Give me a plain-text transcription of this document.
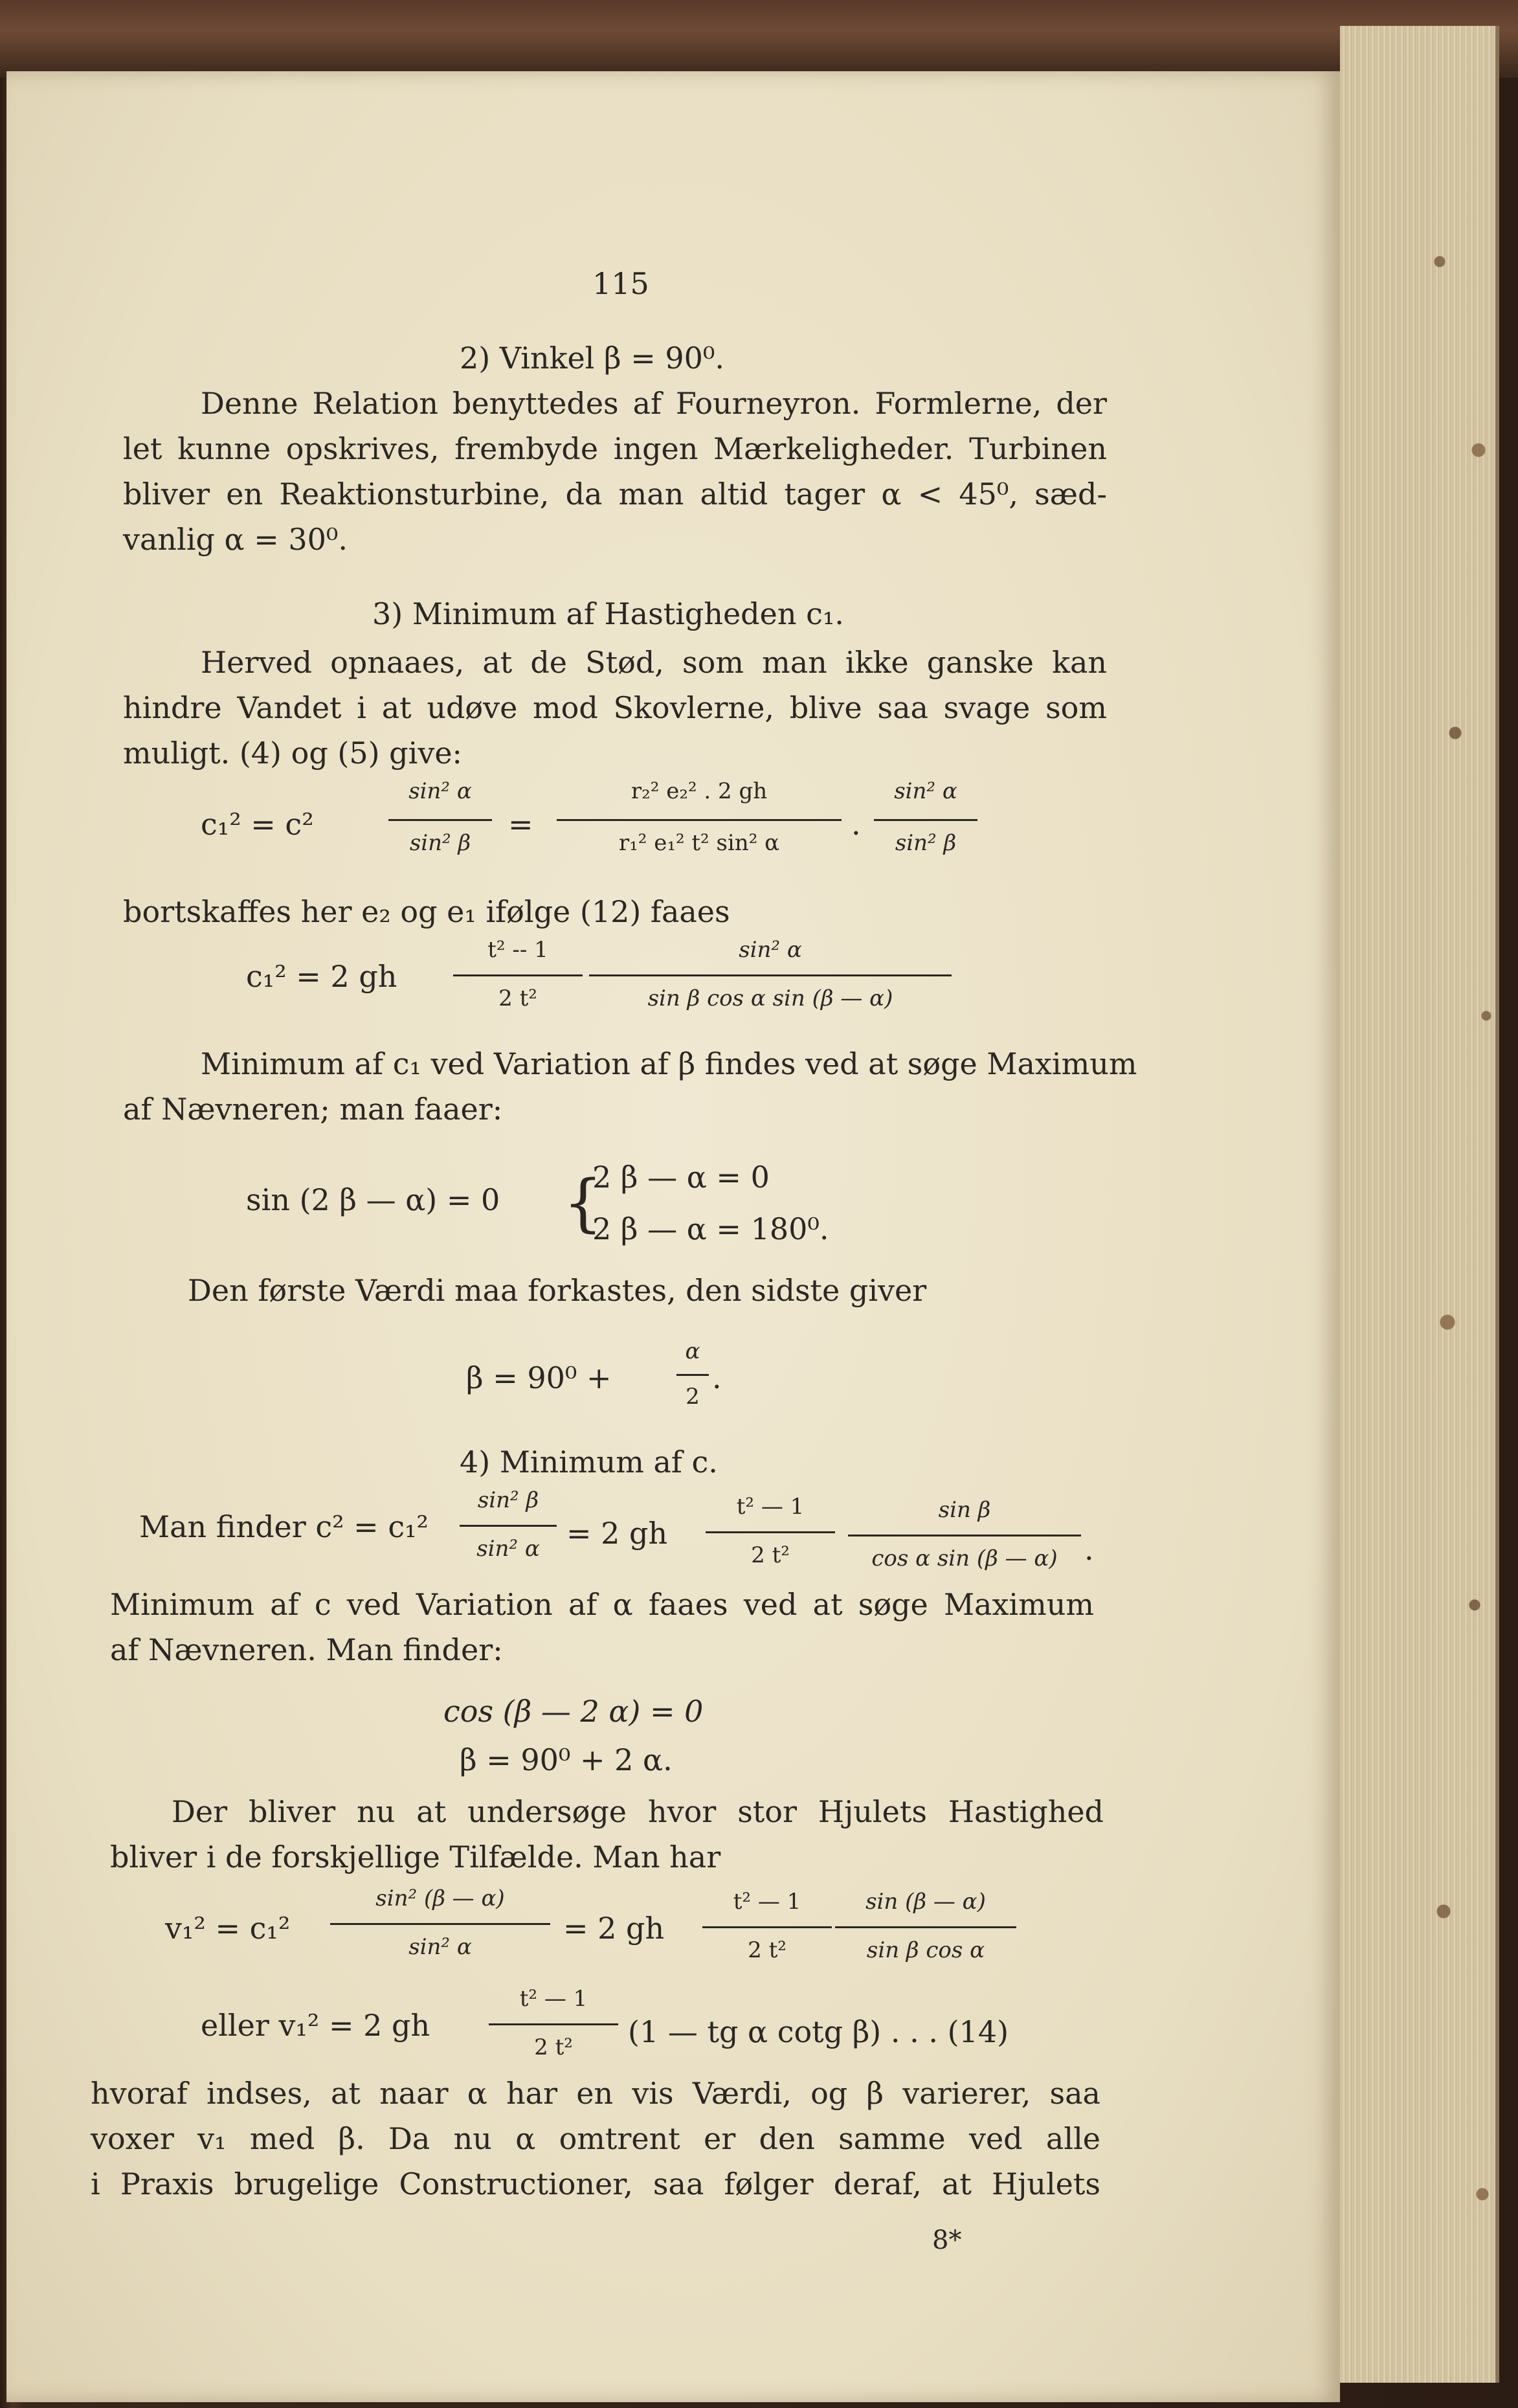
115
2) Vinkel β = 90⁰.
Denne Relation benyttedes af Fourneyron. Formlerne, der
let kunne opskrives, frembyde ingen Mærkeligheder. Turbinen
bliver en Reaktionsturbine, da man altid tager α < 45⁰, sæd-
vanlig α = 30⁰.
3) Minimum af Hastigheden c₁.
Herved opnaaes, at de Stød, som man ikke ganske kan
hindre Vandet i at udøve mod Skovlerne, blive saa svage som
muligt. (4) og (5) give:
c₁² = c²
sin² α
sin² β
=
r₂² e₂² . 2 gh
r₁² e₁² t² sin² α
.
sin² α
sin² β
bortskaffes her e₂ og e₁ ifølge (12) faaes
c₁² = 2 gh
t² -- 1
2 t²
sin² α
sin β cos α sin (β — α)
Minimum af c₁ ved Variation af β findes ved at søge Maximum
af Nævneren; man faaer:
sin (2 β — α) = 0 {
2 β — α = 0
2 β — α = 180⁰.
Den første Værdi maa forkastes, den sidste giver
β = 90⁰ +
α
2
.
4) Minimum af c.
Man finder c² = c₁²
sin² β
sin² α = 2 gh
t² — 1
2 t²
sin β
cos α sin (β — α) .
Minimum af c ved Variation af α faaes ved at søge Maximum
af Nævneren. Man finder:
cos (β — 2 α) = 0
β = 90⁰ + 2 α.
Der bliver nu at undersøge hvor stor Hjulets Hastighed
bliver i de forskjellige Tilfælde. Man har
v₁² = c₁²
sin² (β — α)
sin² α
= 2 gh
t² — 1
2 t²
sin (β — α)
sin β cos α
eller v₁² = 2 gh
t² — 1
2 t²	(1 — tg α cotg β) . . . (14)
hvoraf indses, at naar α har en vis Værdi, og β varierer, saa
voxer v₁ med β. Da nu α omtrent er den samme ved alle
i Praxis brugelige Constructioner, saa følger deraf, at Hjulets
8*
